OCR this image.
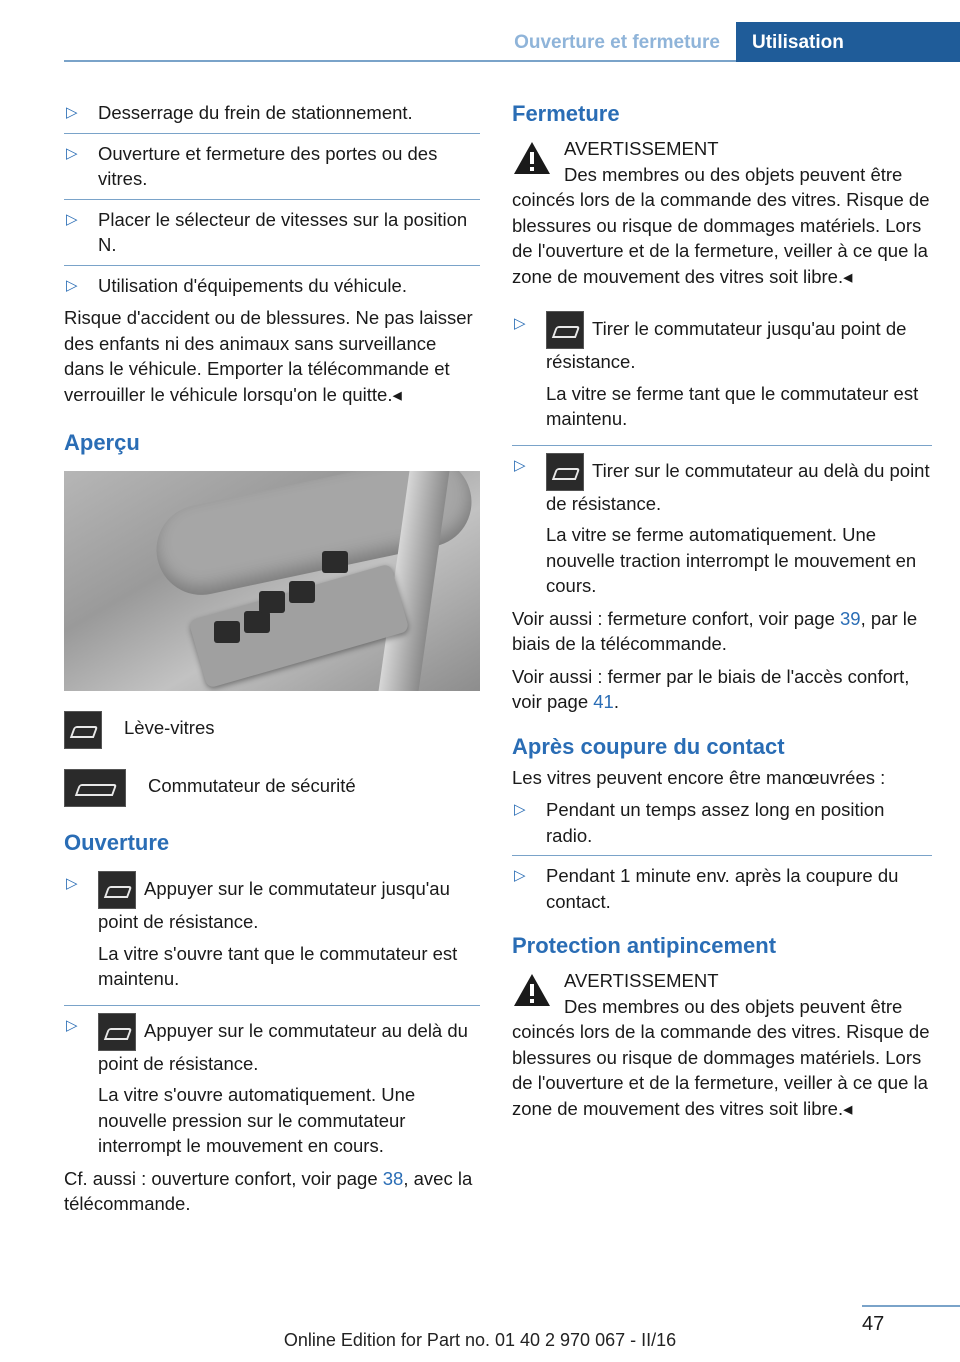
Ouverture et fermeture	Utilisation
▷ Desserrage du frein de stationnement.
▷ Ouverture et fermeture des portes ou des vitres.
▷ Placer le sélecteur de vitesses sur la position N.
▷ Utilisation d'équipements du véhicule.

Risque d'accident ou de blessures. Ne pas laisser des enfants ni des animaux sans surveillance dans le véhicule. Emporter la télécommande et verrouiller le véhicule lorsqu'on le quitte.◂

Aperçu
Lève-vitres
Commutateur de sécurité
Ouverture

▷ Appuyer sur le commutateur jusqu'au point de résistance.

La vitre s'ouvre tant que le commutateur est maintenu.

▷ Appuyer sur le commutateur au delà du point de résistance.

La vitre s'ouvre automatiquement. Une nouvelle pression sur le commutateur interrompt le mouvement en cours.

Cf. aussi : ouverture confort, voir page 38, avec la télécommande.

Fermeture

AVERTISSEMENT

Des membres ou des objets peuvent être coincés lors de la commande des vitres. Risque de blessures ou risque de dommages matériels. Lors de l'ouverture et de la fermeture, veiller à ce que la zone de mouvement des vitres soit libre.◂

▷ Tirer le commutateur jusqu'au point de résistance.

La vitre se ferme tant que le commutateur est maintenu.

▷ Tirer sur le commutateur au delà du point de résistance.

La vitre se ferme automatiquement. Une nouvelle traction interrompt le mouvement en cours.

Voir aussi : fermeture confort, voir page 39, par le biais de la télécommande.

Voir aussi : fermer par le biais de l'accès confort, voir page 41.

Après coupure du contact

Les vitres peuvent encore être manœuvrées :

▷ Pendant un temps assez long en position radio.
▷ Pendant 1 minute env. après la coupure du contact.
Protection antipincement

AVERTISSEMENT

Des membres ou des objets peuvent être coincés lors de la commande des vitres. Risque de blessures ou risque de dommages matériels. Lors de l'ouverture et de la fermeture, veiller à ce que la zone de mouvement des vitres soit libre.◂

47
Online Edition for Part no. 01 40 2 970 067 - II/16
